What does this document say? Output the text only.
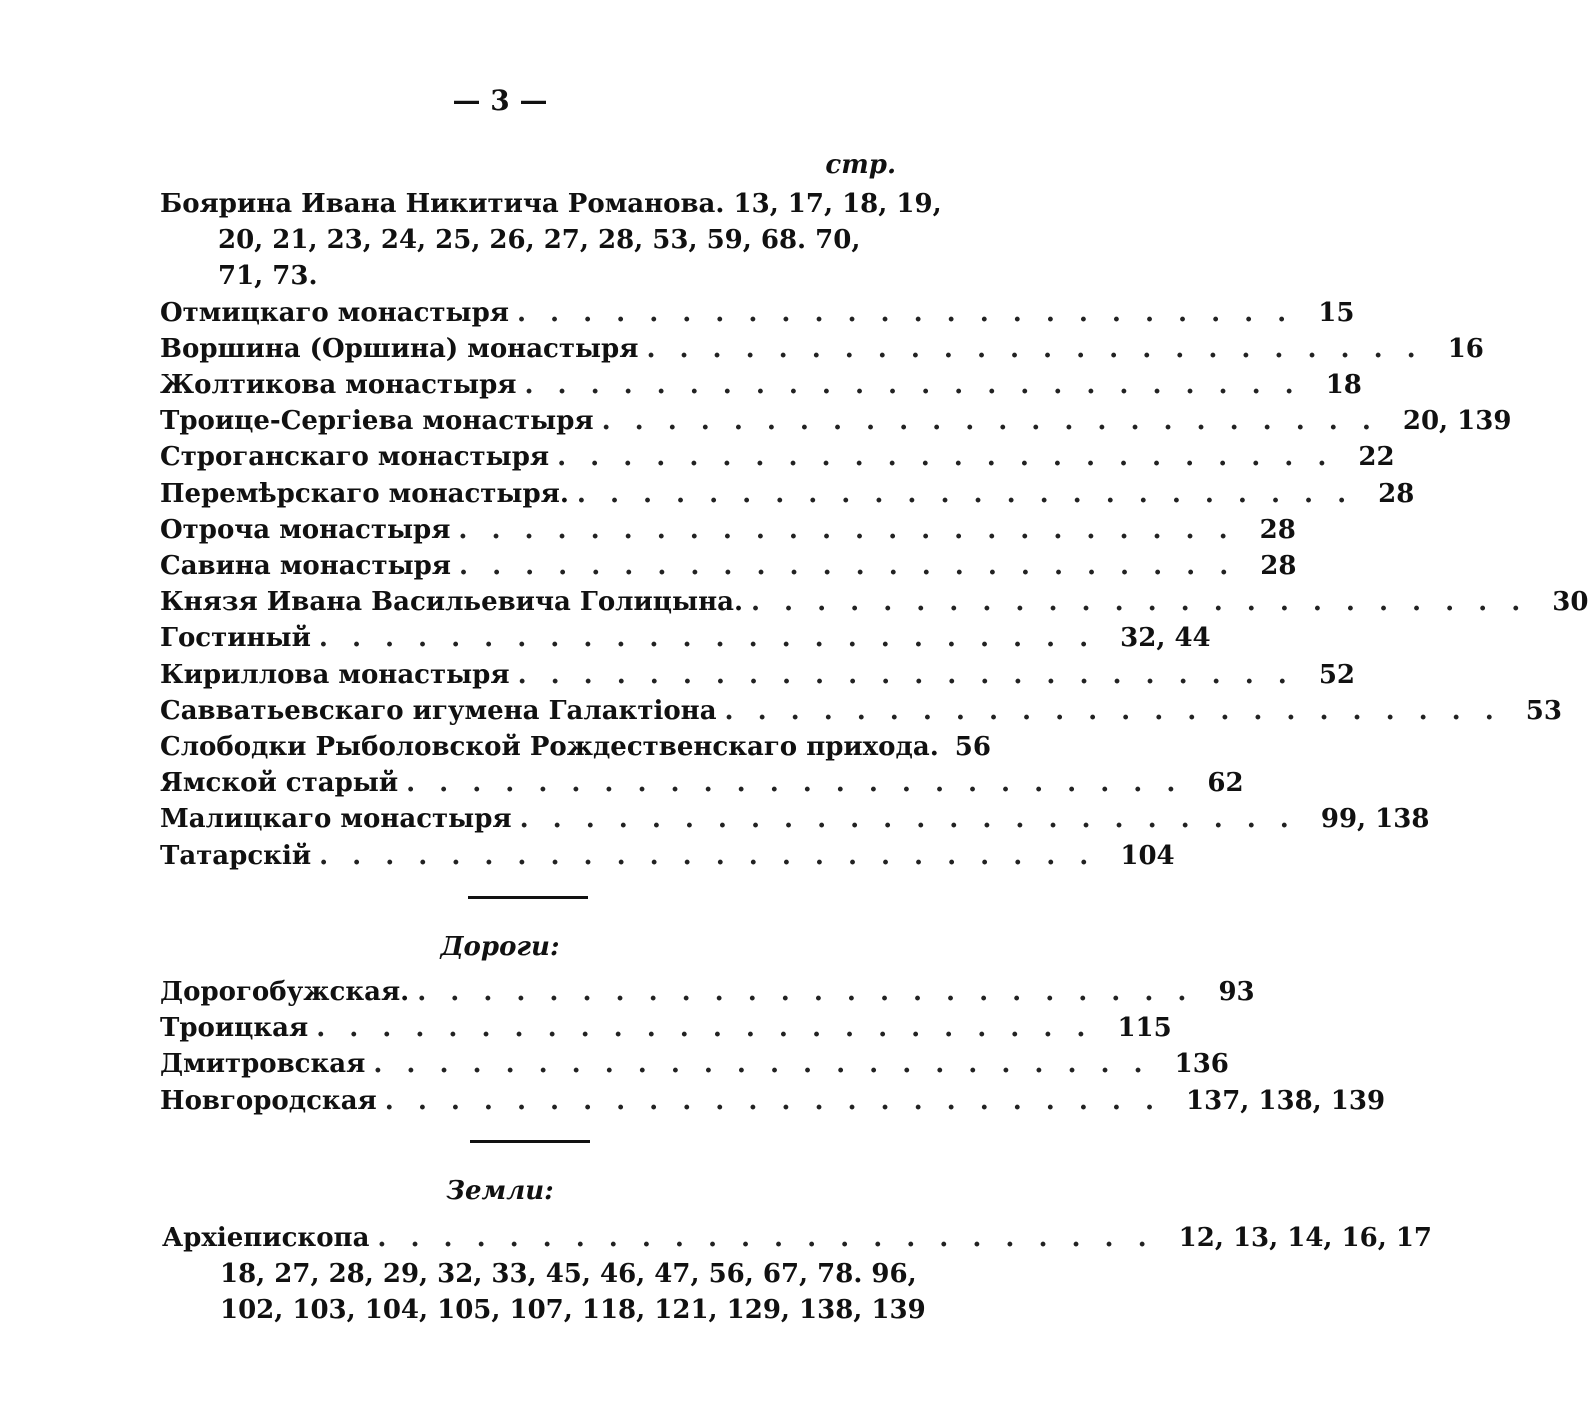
— 3 —
стр.
Боярина Ивана Никитича Романова . 13, 17, 18, 19,
20, 21, 23, 24, 25, 26, 27, 28, 53, 59, 68. 70,
71, 73.
Отмицкаго монастыря ........................ 15
Воршина (Оршина) монастыря ........................ 16
Жолтикова монастыря ........................ 18
Троице-Сергіева монастыря ........................ 20, 139
Строганскаго монастыря ........................ 22
Перемѣрскаго монастыря. ........................ 28
Отроча монастыря ........................ 28
Савина монастыря ........................ 28
Князя Ивана Васильевича Голицына. ........................ 30
Гостиный ........................ 32, 44
Кириллова монастыря ........................ 52
Савватьевскаго игумена Галактіона ........................ 53
Слободки Рыболовской Рождественскаго прихода. 56
Ямской старый ........................ 62
Малицкаго монастыря ........................ 99, 138
Татарскій ........................ 104
Дороги:
Дорогобужская. ........................ 93
Троицкая ........................ 115
Дмитровская ........................ 136
Новгородская ........................ 137, 138, 139
Земли:
Архіепископа ........................ 12, 13, 14, 16, 17
18, 27, 28, 29, 32, 33, 45, 46, 47, 56, 67, 78. 96,
102, 103, 104, 105, 107, 118, 121, 129, 138, 139
